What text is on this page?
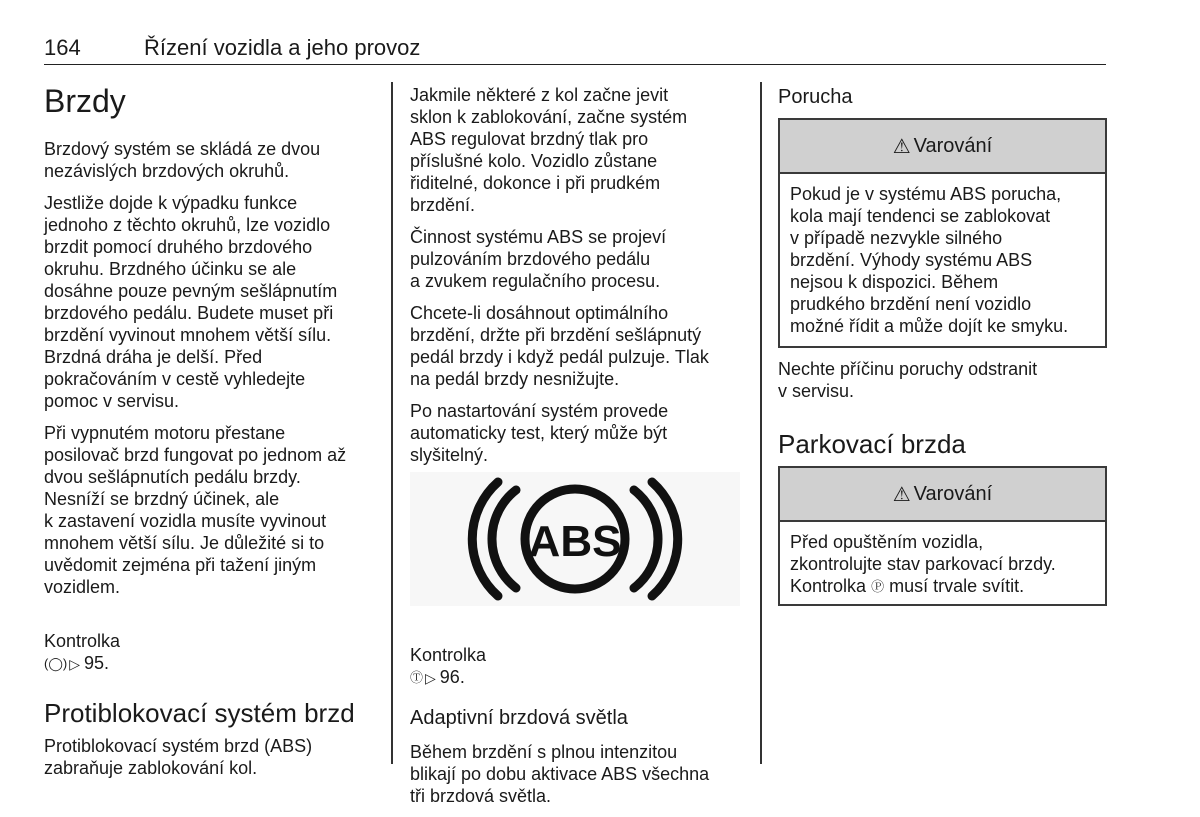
164	Řízení vozidla a jeho provoz
Brzdy

Brzdový systém se skládá ze dvou
nezávislých brzdových okruhů.

Jestliže dojde k výpadku funkce
jednoho z těchto okruhů, lze vozidlo
brzdit pomocí druhého brzdového
okruhu. Brzdného účinku se ale
dosáhne pouze pevným sešlápnutím
brzdového pedálu. Budete muset při
brzdění vyvinout mnohem větší sílu.
Brzdná dráha je delší. Před
pokračováním v cestě vyhledejte
pomoc v servisu.

Při vypnutém motoru přestane
posilovač brzd fungovat po jednom až
dvou sešlápnutích pedálu brzdy.
Nesníží se brzdný účinek, ale
k zastavení vozidla musíte vyvinout
mnohem větší sílu. Je důležité si to
uvědomit zejména při tažení jiným
vozidlem.

Kontrolka
(◯) ▷ 95.

Protiblokovací systém brzd

Protiblokovací systém brzd (ABS)
zabraňuje zablokování kol.

Jakmile některé z kol začne jevit
sklon k zablokování, začne systém
ABS regulovat brzdný tlak pro
příslušné kolo. Vozidlo zůstane
řiditelné, dokonce i při prudkém
brzdění.

Činnost systému ABS se projeví
pulzováním brzdového pedálu
a zvukem regulačního procesu.

Chcete-li dosáhnout optimálního
brzdění, držte při brzdění sešlápnutý
pedál brzdy i když pedál pulzuje. Tlak
na pedál brzdy nesnižujte.

Po nastartování systém provede
automaticky test, který může být
slyšitelný.

ABS

Kontrolka
Ⓣ ▷ 96.

Adaptivní brzdová světla

Během brzdění s plnou intenzitou
blikají po dobu aktivace ABS všechna
tři brzdová světla.

Porucha
⚠ Varování
Pokud je v systému ABS porucha,
kola mají tendenci se zablokovat
v případě nezvykle silného
brzdění. Výhody systému ABS
nejsou k dispozici. Během
prudkého brzdění není vozidlo
možné řídit a může dojít ke smyku.

Nechte příčinu poruchy odstranit
v servisu.

Parkovací brzda
⚠ Varování
Před opuštěním vozidla,
zkontrolujte stav parkovací brzdy.
Kontrolka Ⓟ musí trvale svítit.
